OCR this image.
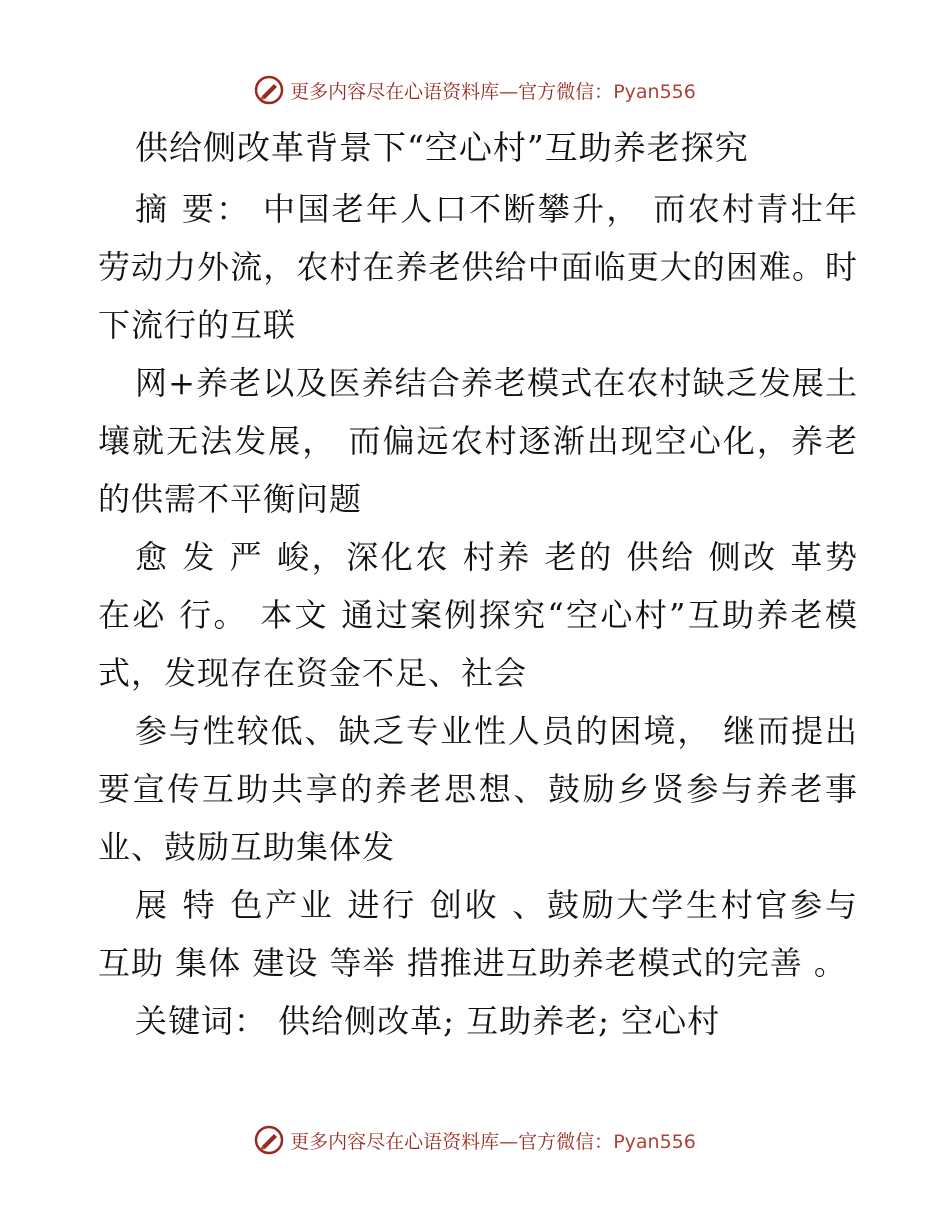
更多内容尽在心语资料库—官方微信：Pyan556
供给侧改革背景下“空心村”互助养老探究
摘 要： 中国老年人口不断攀升， 而农村青壮年劳动力外流，农村在养老供给中面临更大的困难。时下流行的互联
网+养老以及医养结合养老模式在农村缺乏发展土壤就无法发展， 而偏远农村逐渐出现空心化，养老的供需不平衡问题
愈 发 严 峻，深化农 村养 老的 供给 侧改 革势 在必 行。 本文 通过案例探究“空心村”互助养老模式，发现存在资金不足、社会
参与性较低、缺乏专业性人员的困境， 继而提出要宣传互助共享的养老思想、鼓励乡贤参与养老事业、鼓励互助集体发
展 特 色产业 进行 创收 、鼓励大学生村官参与 互助 集体 建设 等举 措推进互助养老模式的完善 。
关键词： 供给侧改革; 互助养老; 空心村
更多内容尽在心语资料库—官方微信：Pyan556
